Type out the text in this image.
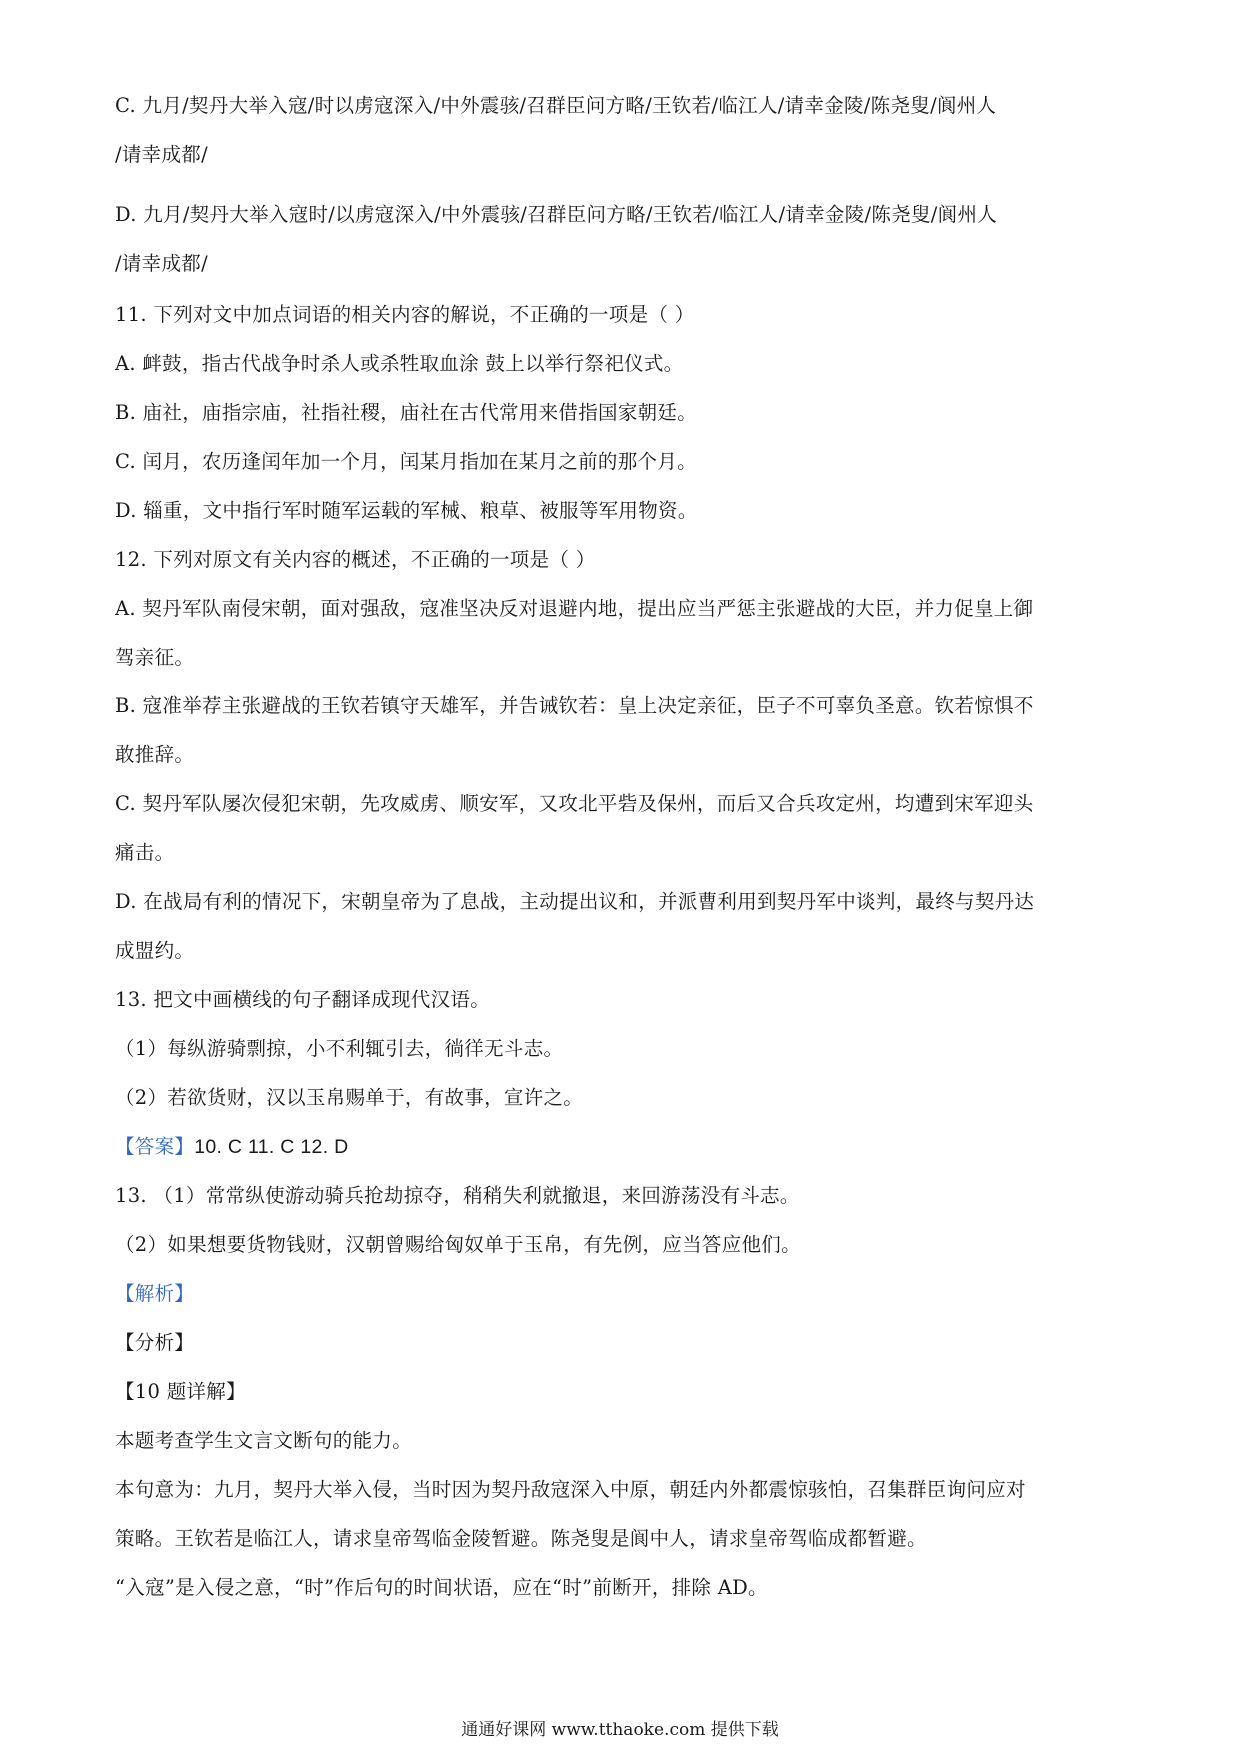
C. 九月/契丹大举入寇/时以虏寇深入/中外震骇/召群臣问方略/王钦若/临江人/请幸金陵/陈尧叟/阆州人
/请幸成都/
D. 九月/契丹大举入寇时/以虏寇深入/中外震骇/召群臣问方略/王钦若/临江人/请幸金陵/陈尧叟/阆州人
/请幸成都/
11. 下列对文中加点词语的相关内容的解说，不正确的一项是（ ）
A. 衅鼓，指古代战争时杀人或杀牲取血涂 鼓上以举行祭祀仪式。
B. 庙社，庙指宗庙，社指社稷，庙社在古代常用来借指国家朝廷。
C. 闰月，农历逢闰年加一个月，闰某月指加在某月之前的那个月。
D. 辎重，文中指行军时随军运载的军械、粮草、被服等军用物资。
12. 下列对原文有关内容的概述，不正确的一项是（ ）
A. 契丹军队南侵宋朝，面对强敌，寇准坚决反对退避内地，提出应当严惩主张避战的大臣，并力促皇上御
驾亲征。
B. 寇准举荐主张避战的王钦若镇守天雄军，并告诫钦若：皇上决定亲征，臣子不可辜负圣意。钦若惊惧不
敢推辞。
C. 契丹军队屡次侵犯宋朝，先攻威虏、顺安军，又攻北平砦及保州，而后又合兵攻定州，均遭到宋军迎头
痛击。
D. 在战局有利的情况下，宋朝皇帝为了息战，主动提出议和，并派曹利用到契丹军中谈判，最终与契丹达
成盟约。
13. 把文中画横线的句子翻译成现代汉语。
（1）每纵游骑剽掠，小不利辄引去，徜徉无斗志。
（2）若欲货财，汉以玉帛赐单于，有故事，宣许之。
【答案】10. C 11. C 12. D
13. （1）常常纵使游动骑兵抢劫掠夺，稍稍失利就撤退，来回游荡没有斗志。
（2）如果想要货物钱财，汉朝曾赐给匈奴单于玉帛，有先例，应当答应他们。
【解析】
【分析】
【10 题详解】
本题考查学生文言文断句的能力。
本句意为：九月，契丹大举入侵，当时因为契丹敌寇深入中原，朝廷内外都震惊骇怕，召集群臣询问应对
策略。王钦若是临江人，请求皇帝驾临金陵暂避。陈尧叟是阆中人，请求皇帝驾临成都暂避。
“入寇”是入侵之意，“时”作后句的时间状语，应在“时”前断开，排除 AD。
通通好课网 www.tthaoke.com 提供下载
